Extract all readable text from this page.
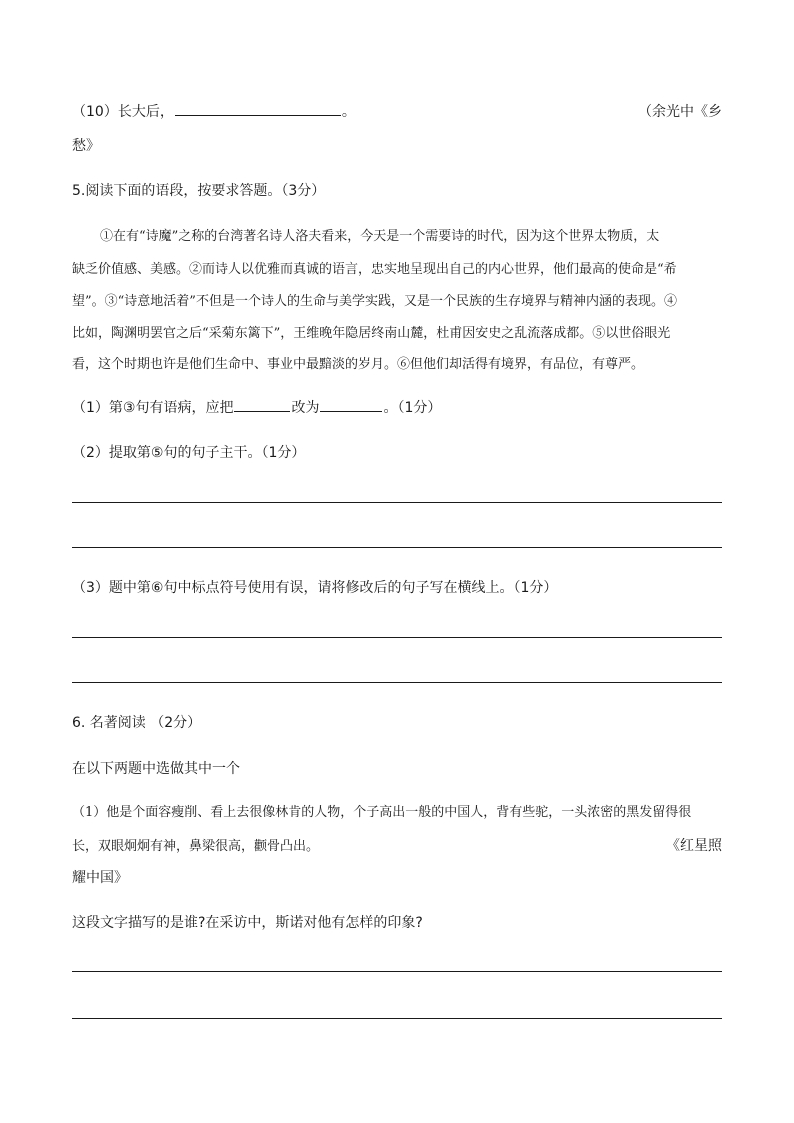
（10）长大后，	。	（余光中《乡
愁》
5.阅读下面的语段，按要求答题。（3分）
①在有“诗魔”之称的台湾著名诗人洛夫看来，今天是一个需要诗的时代，因为这个世界太物质，太
缺乏价值感、美感。②而诗人以优雅而真诚的语言，忠实地呈现出自己的内心世界，他们最高的使命是“希
望”。③“诗意地活着”不但是一个诗人的生命与美学实践，又是一个民族的生存境界与精神内涵的表现。④
比如，陶渊明罢官之后“采菊东篱下”，王维晚年隐居终南山麓，杜甫因安史之乱流落成都。⑤以世俗眼光
看，这个时期也许是他们生命中、事业中最黯淡的岁月。⑥但他们却活得有境界，有品位，有尊严。
（1）第③句有语病，应把	改为	。（1分）
（2）提取第⑤句的句子主干。（1分）
（3）题中第⑥句中标点符号使用有误，请将修改后的句子写在横线上。（1分）
6. 名著阅读 （2分）
在以下两题中选做其中一个
（1）他是个面容瘦削、看上去很像林肯的人物，个子高出一般的中国人，背有些驼，一头浓密的黑发留得很
长，双眼炯炯有神，鼻梁很高，颧骨凸出。	《红星照
耀中国》
这段文字描写的是谁?在采访中，斯诺对他有怎样的印象?
